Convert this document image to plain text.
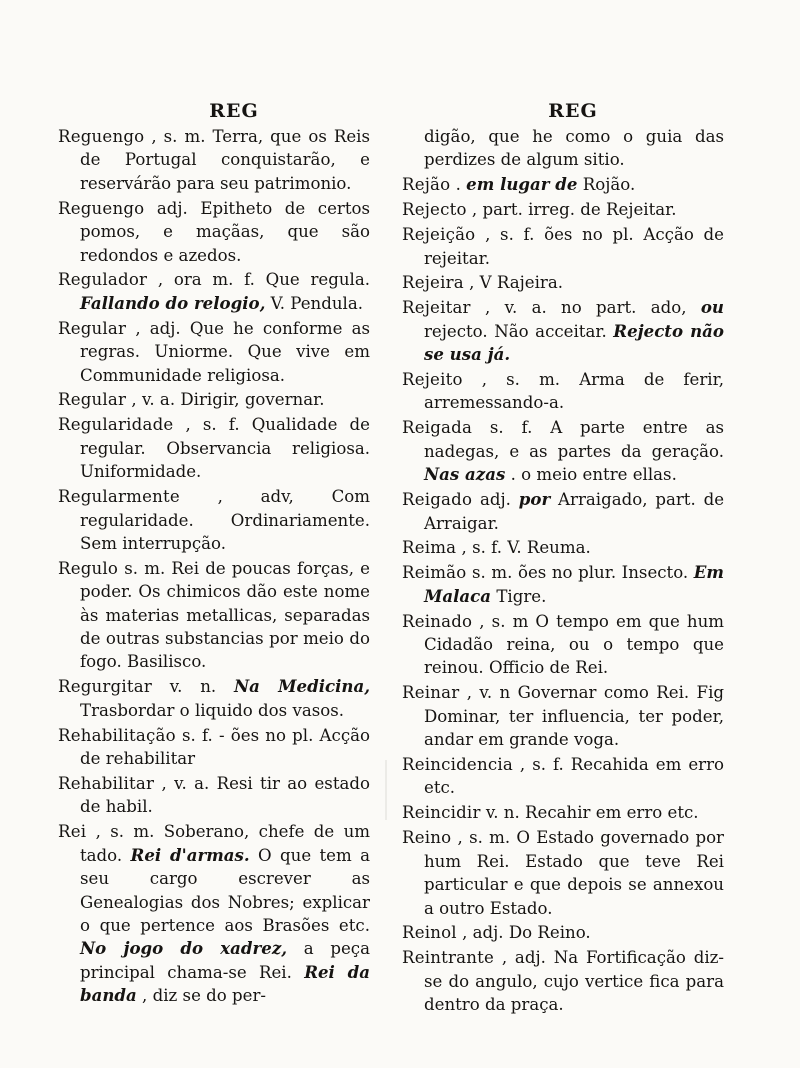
REG
Reguengo , s. m. Terra, que os Reis de Portugal conquistarão, e reservárão para seu patrimonio.
Reguengo adj. Epitheto de certos pomos, e maçãas, que são redondos e azedos.
Regulador , ora m. f. Que regula. Fallando do relogio, V. Pendula.
Regular , adj. Que he conforme as regras. Uniorme. Que vive em Communidade religiosa.
Regular , v. a. Dirigir, governar.
Regularidade , s. f. Qualidade de regular. Observancia religiosa. Uniformidade.
Regularmente , adv, Com regularidade. Ordinariamente. Sem interrupção.
Regulo s. m. Rei de poucas forças, e poder. Os chimicos dão este nome às materias metallicas, separadas de outras substancias por meio do fogo. Basilisco.
Regurgitar v. n. Na Medicina, Trasbordar o liquido dos vasos.
Rehabilitação s. f. - ões no pl. Acção de rehabilitar
Rehabilitar , v. a. Resi tir ao estado de habil.
Rei , s. m. Soberano, chefe de um tado. Rei d'armas. O que tem a seu cargo escrever as Genealogias dos Nobres; explicar o que pertence aos Brasões etc. No jogo do xadrez, a peça principal chama-se Rei. Rei da banda , diz se do per-
REG
digão, que he como o guia das perdizes de algum sitio.
Rejão . em lugar de Rojão.
Rejecto , part. irreg. de Rejeitar.
Rejeição , s. f. ões no pl. Acção de rejeitar.
Rejeira , V Rajeira.
Rejeitar , v. a. no part. ado, ou rejecto. Não acceitar. Rejecto não se usa já.
Rejeito , s. m. Arma de ferir, arremessando-a.
Reigada s. f. A parte entre as nadegas, e as partes da geração. Nas azas . o meio entre ellas.
Reigado adj. por Arraigado, part. de Arraigar.
Reima , s. f. V. Reuma.
Reimão s. m. ões no plur. Insecto. Em Malaca Tigre.
Reinado , s. m O tempo em que hum Cidadão reina, ou o tempo que reinou. Officio de Rei.
Reinar , v. n Governar como Rei. Fig Dominar, ter influencia, ter poder, andar em grande voga.
Reincidencia , s. f. Recahida em erro etc.
Reincidir v. n. Recahir em erro etc.
Reino , s. m. O Estado governado por hum Rei. Estado que teve Rei particular e que depois se annexou a outro Estado.
Reinol , adj. Do Reino.
Reintrante , adj. Na Fortificação diz-se do angulo, cujo vertice fica para dentro da praça.
